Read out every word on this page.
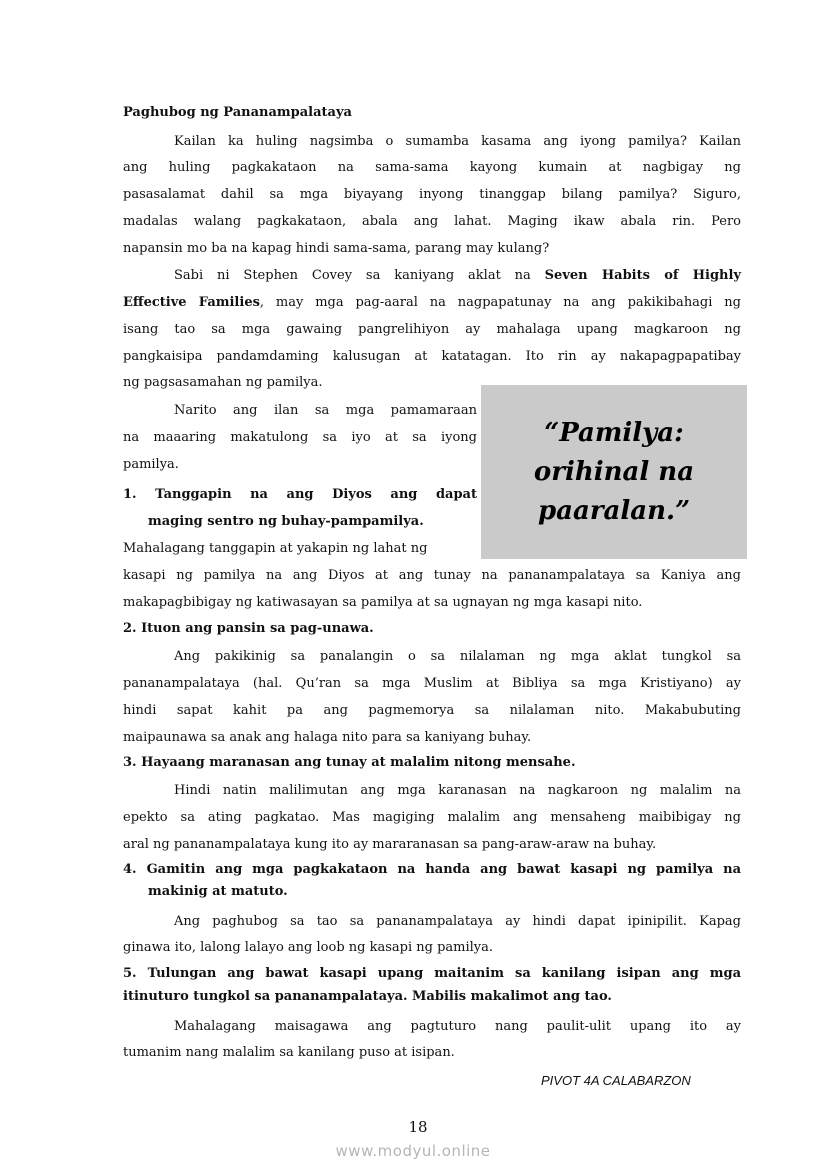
Paghubog ng Pananampalataya
Kailan ka huling nagsimba o sumamba kasama ang iyong pamilya? Kailan
ang huling pagkakataon na sama-sama kayong kumain at nagbigay ng
pasasalamat dahil sa mga biyayang inyong tinanggap bilang pamilya? Siguro,
madalas walang pagkakataon, abala ang lahat. Maging ikaw abala rin. Pero
napansin mo ba na kapag hindi sama-sama, parang may kulang?
Sabi ni Stephen Covey sa kaniyang aklat na Seven Habits of Highly
Effective Families, may mga pag-aaral na nagpapatunay na ang pakikibahagi ng
isang tao sa mga gawaing pangrelihiyon ay mahalaga upang magkaroon ng
pangkaisipa pandamdaming kalusugan at katatagan. Ito rin ay nakapagpapatibay
ng pagsasamahan ng pamilya.
“Pamilya:
orihinal na
paaralan.”
Narito ang ilan sa mga pamamaraan
na maaaring makatulong sa iyo at sa iyong
pamilya.
1. Tanggapin na ang Diyos ang dapat
maging sentro ng buhay-pampamilya.
Mahalagang tanggapin at yakapin ng lahat ng
kasapi ng pamilya na ang Diyos at ang tunay na pananampalataya sa Kaniya ang
makapagbibigay ng katiwasayan sa pamilya at sa ugnayan ng mga kasapi nito.
2. Ituon ang pansin sa pag-unawa.
Ang pakikinig sa panalangin o sa nilalaman ng mga aklat tungkol sa
pananampalataya (hal. Qu’ran sa mga Muslim at Bibliya sa mga Kristiyano) ay
hindi sapat kahit pa ang pagmemorya sa nilalaman nito. Makabubuting
maipaunawa sa anak ang halaga nito para sa kaniyang buhay.
3. Hayaang maranasan ang tunay at malalim nitong mensahe.
Hindi natin malilimutan ang mga karanasan na nagkaroon ng malalim na
epekto sa ating pagkatao. Mas magiging malalim ang mensaheng maibibigay ng
aral ng pananampalataya kung ito ay mararanasan sa pang-araw-araw na buhay.
4. Gamitin ang mga pagkakataon na handa ang bawat kasapi ng pamilya na
makinig at matuto.
Ang paghubog sa tao sa pananampalataya ay hindi dapat ipinipilit. Kapag
ginawa ito, lalong lalayo ang loob ng kasapi ng pamilya.
5. Tulungan ang bawat kasapi upang maitanim sa kanilang isipan ang mga
itinuturo tungkol sa pananampalataya. Mabilis makalimot ang tao.
Mahalagang maisagawa ang pagtuturo nang paulit-ulit upang ito ay
tumanim nang malalim sa kanilang puso at isipan.
PIVOT 4A CALABARZON
18
www.modyul.online
